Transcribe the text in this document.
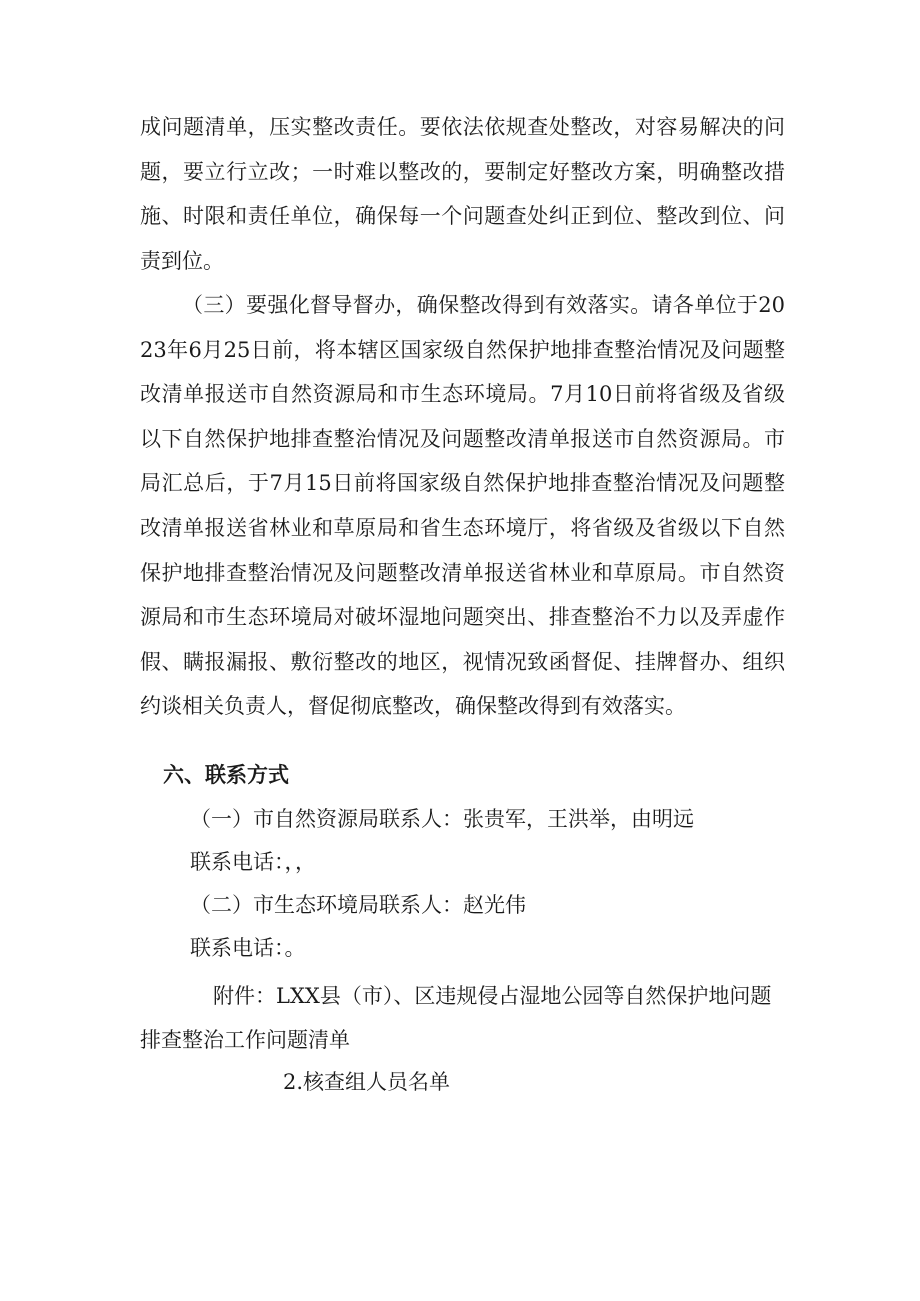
成问题清单，压实整改责任。要依法依规查处整改，对容易解决的问题，要立行立改；一时难以整改的，要制定好整改方案，明确整改措施、时限和责任单位，确保每一个问题查处纠正到位、整改到位、问责到位。

（三）要强化督导督办，确保整改得到有效落实。请各单位于2023年6月25日前，将本辖区国家级自然保护地排查整治情况及问题整改清单报送市自然资源局和市生态环境局。7月10日前将省级及省级以下自然保护地排查整治情况及问题整改清单报送市自然资源局。市局汇总后，于7月15日前将国家级自然保护地排查整治情况及问题整改清单报送省林业和草原局和省生态环境厅，将省级及省级以下自然保护地排查整治情况及问题整改清单报送省林业和草原局。市自然资源局和市生态环境局对破坏湿地问题突出、排查整治不力以及弄虚作假、瞒报漏报、敷衍整改的地区，视情况致函督促、挂牌督办、组织约谈相关负责人，督促彻底整改，确保整改得到有效落实。

六、联系方式

（一）市自然资源局联系人：张贵军，王洪举，由明远

联系电话：，，

（二）市生态环境局联系人：赵光伟

联系电话：。

附件：LXX县（市）、区违规侵占湿地公园等自然保护地问题排查整治工作问题清单

2.核查组人员名单
